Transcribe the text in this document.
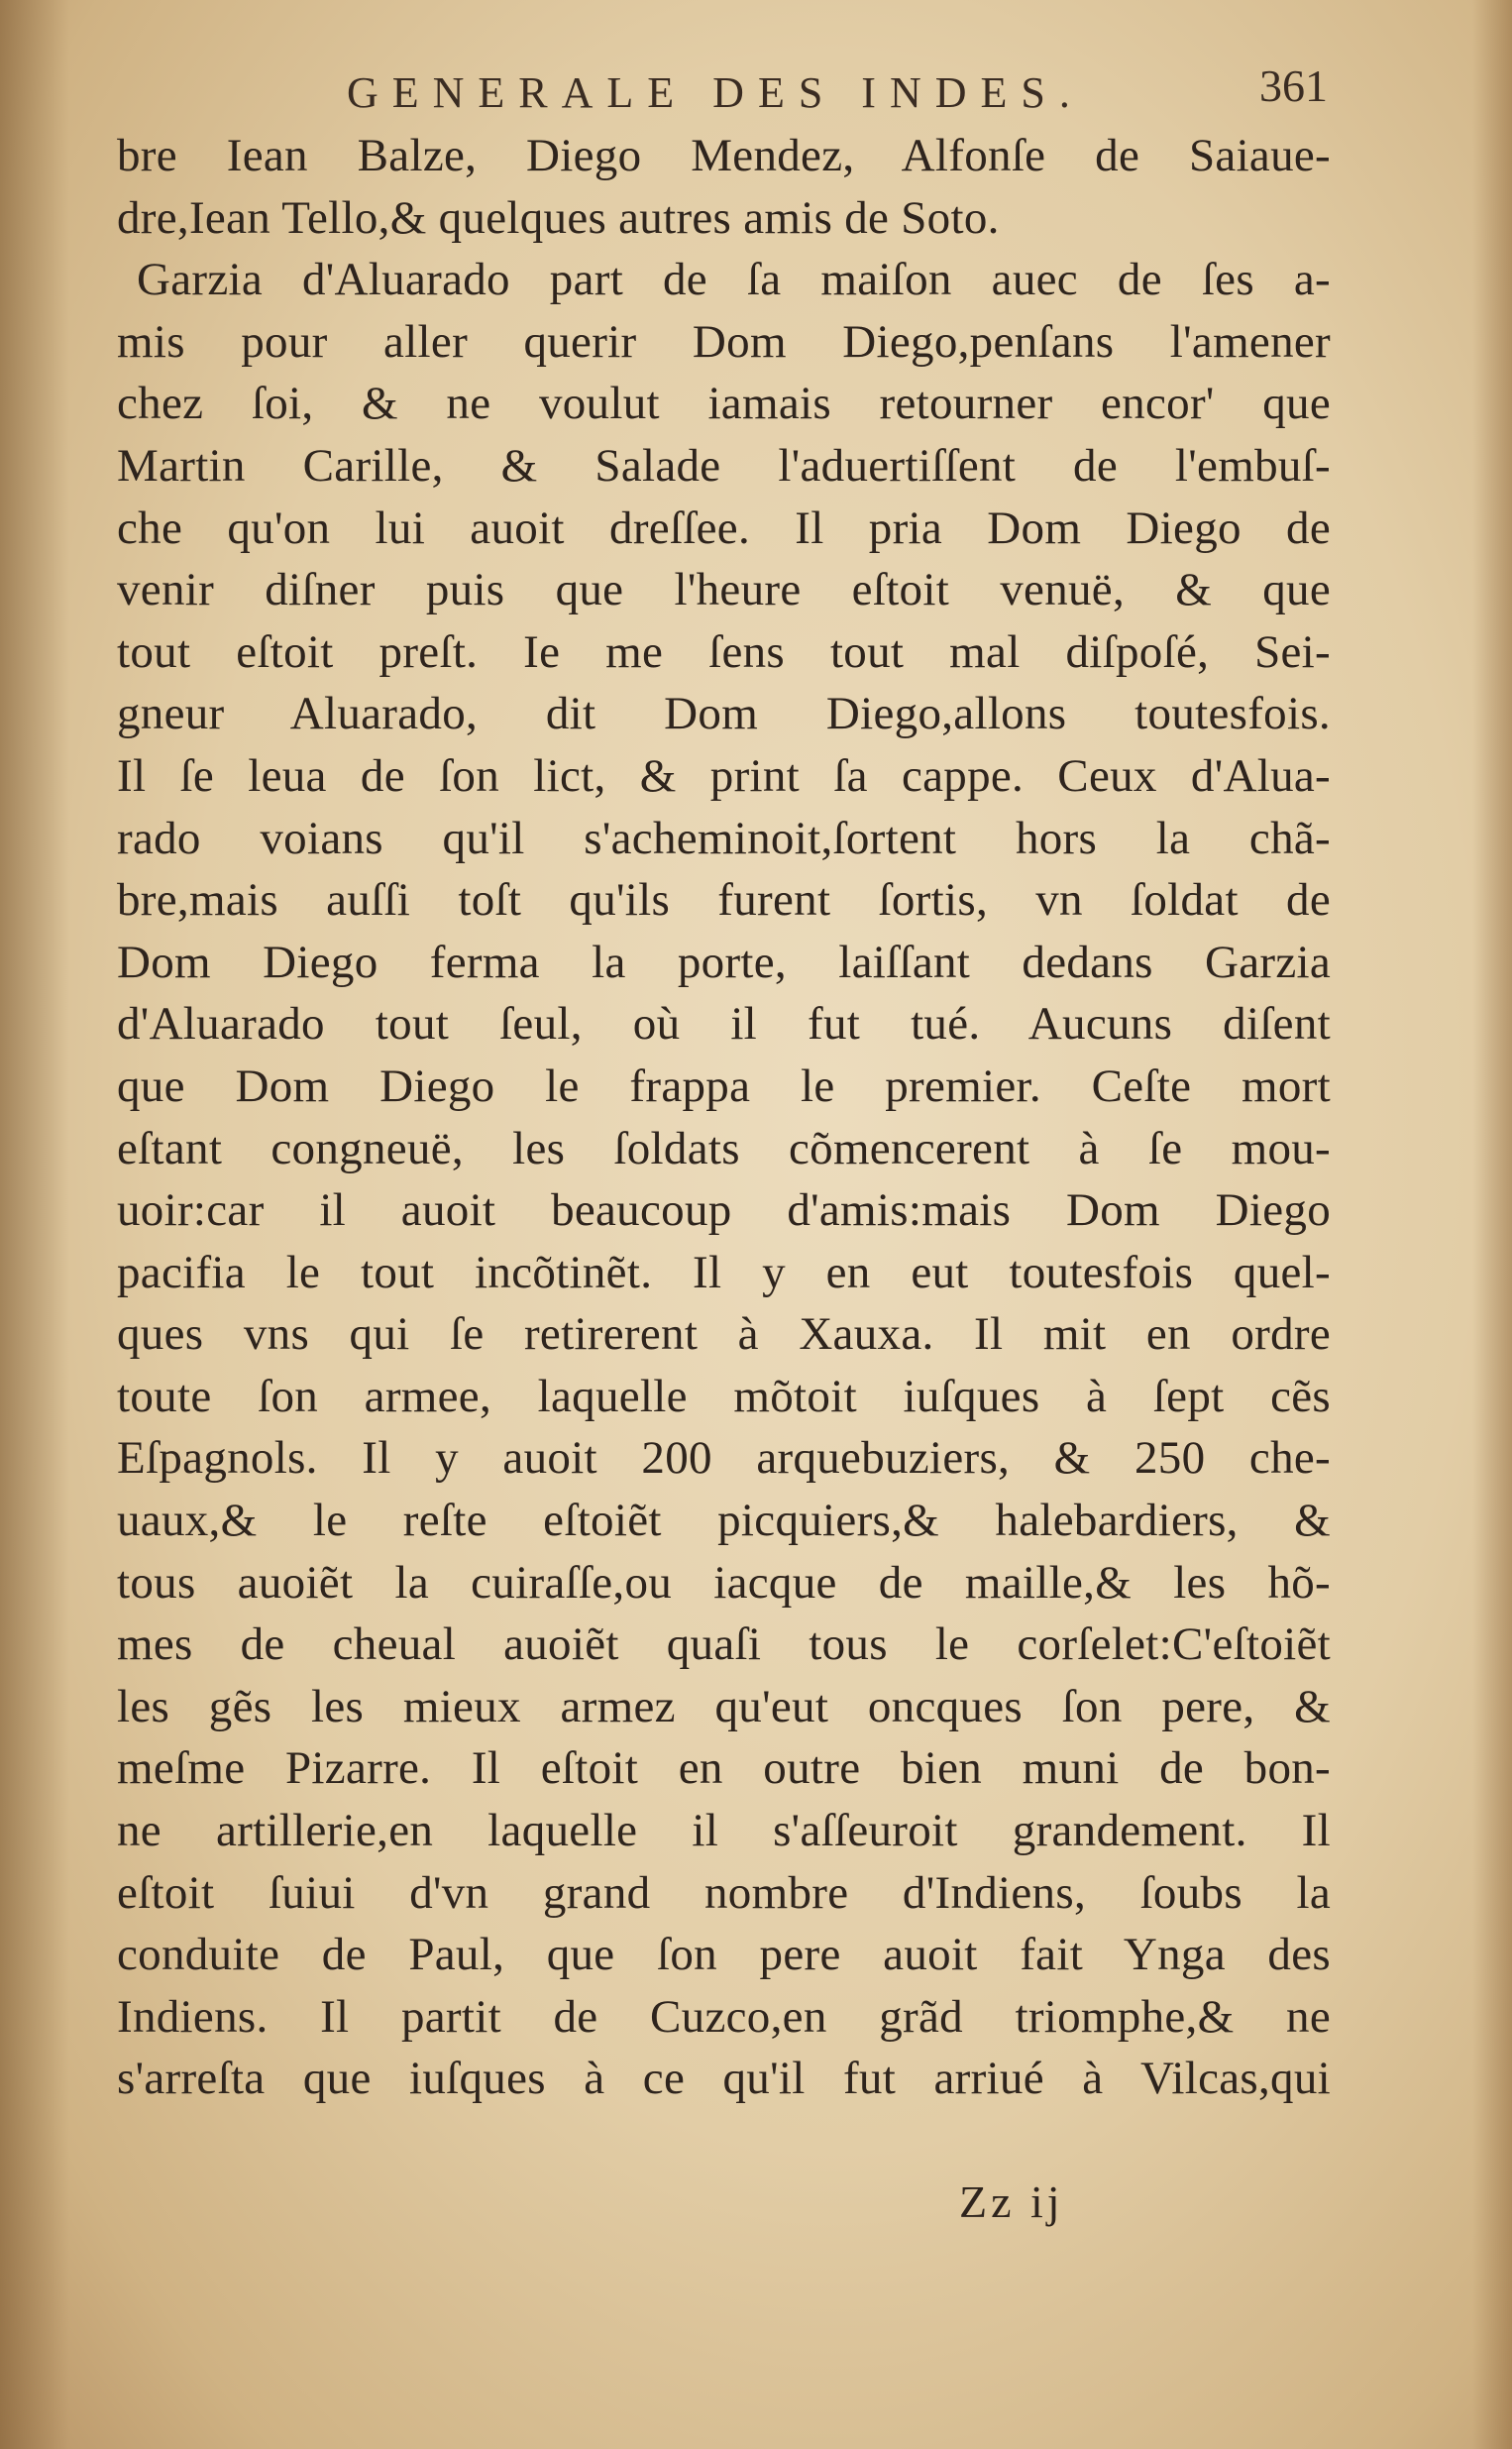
GENERALE DES INDES.	361
bre Iean Balze, Diego Mendez, Alfonſe de Saiaue-
dre,Iean Tello,& quelques autres amis de Soto.
Garzia d'Aluarado part de ſa maiſon auec de ſes a-
mis pour aller querir Dom Diego,penſans l'amener
chez ſoi, & ne voulut iamais retourner encor' que
Martin Carille, & Salade l'aduertiſſent de l'embuſ-
che qu'on lui auoit dreſſee. Il pria Dom Diego de
venir diſner puis que l'heure eſtoit venuë, & que
tout eſtoit preſt. Ie me ſens tout mal diſpoſé, Sei-
gneur Aluarado, dit Dom Diego,allons toutesfois.
Il ſe leua de ſon lict, & print ſa cappe. Ceux d'Alua-
rado voians qu'il s'acheminoit,ſortent hors la chã-
bre,mais auſſi toſt qu'ils furent ſortis, vn ſoldat de
Dom Diego ferma la porte, laiſſant dedans Garzia
d'Aluarado tout ſeul, où il fut tué. Aucuns diſent
que Dom Diego le frappa le premier. Ceſte mort
eſtant congneuë, les ſoldats cõmencerent à ſe mou-
uoir:car il auoit beaucoup d'amis:mais Dom Diego
pacifia le tout incõtinẽt. Il y en eut toutesfois quel-
ques vns qui ſe retirerent à Xauxa. Il mit en ordre
toute ſon armee, laquelle mõtoit iuſques à ſept cẽs
Eſpagnols. Il y auoit 200 arquebuziers, & 250 che-
uaux,& le reſte eſtoiẽt picquiers,& halebardiers, &
tous auoiẽt la cuiraſſe,ou iacque de maille,& les hõ-
mes de cheual auoiẽt quaſi tous le corſelet:C'eſtoiẽt
les gẽs les mieux armez qu'eut oncques ſon pere, &
meſme Pizarre. Il eſtoit en outre bien muni de bon-
ne artillerie,en laquelle il s'aſſeuroit grandement. Il
eſtoit ſuiui d'vn grand nombre d'Indiens, ſoubs la
conduite de Paul, que ſon pere auoit fait Ynga des
Indiens. Il partit de Cuzco,en grãd triomphe,& ne
s'arreſta que iuſques à ce qu'il fut arriué à Vilcas,qui
Zz ij
